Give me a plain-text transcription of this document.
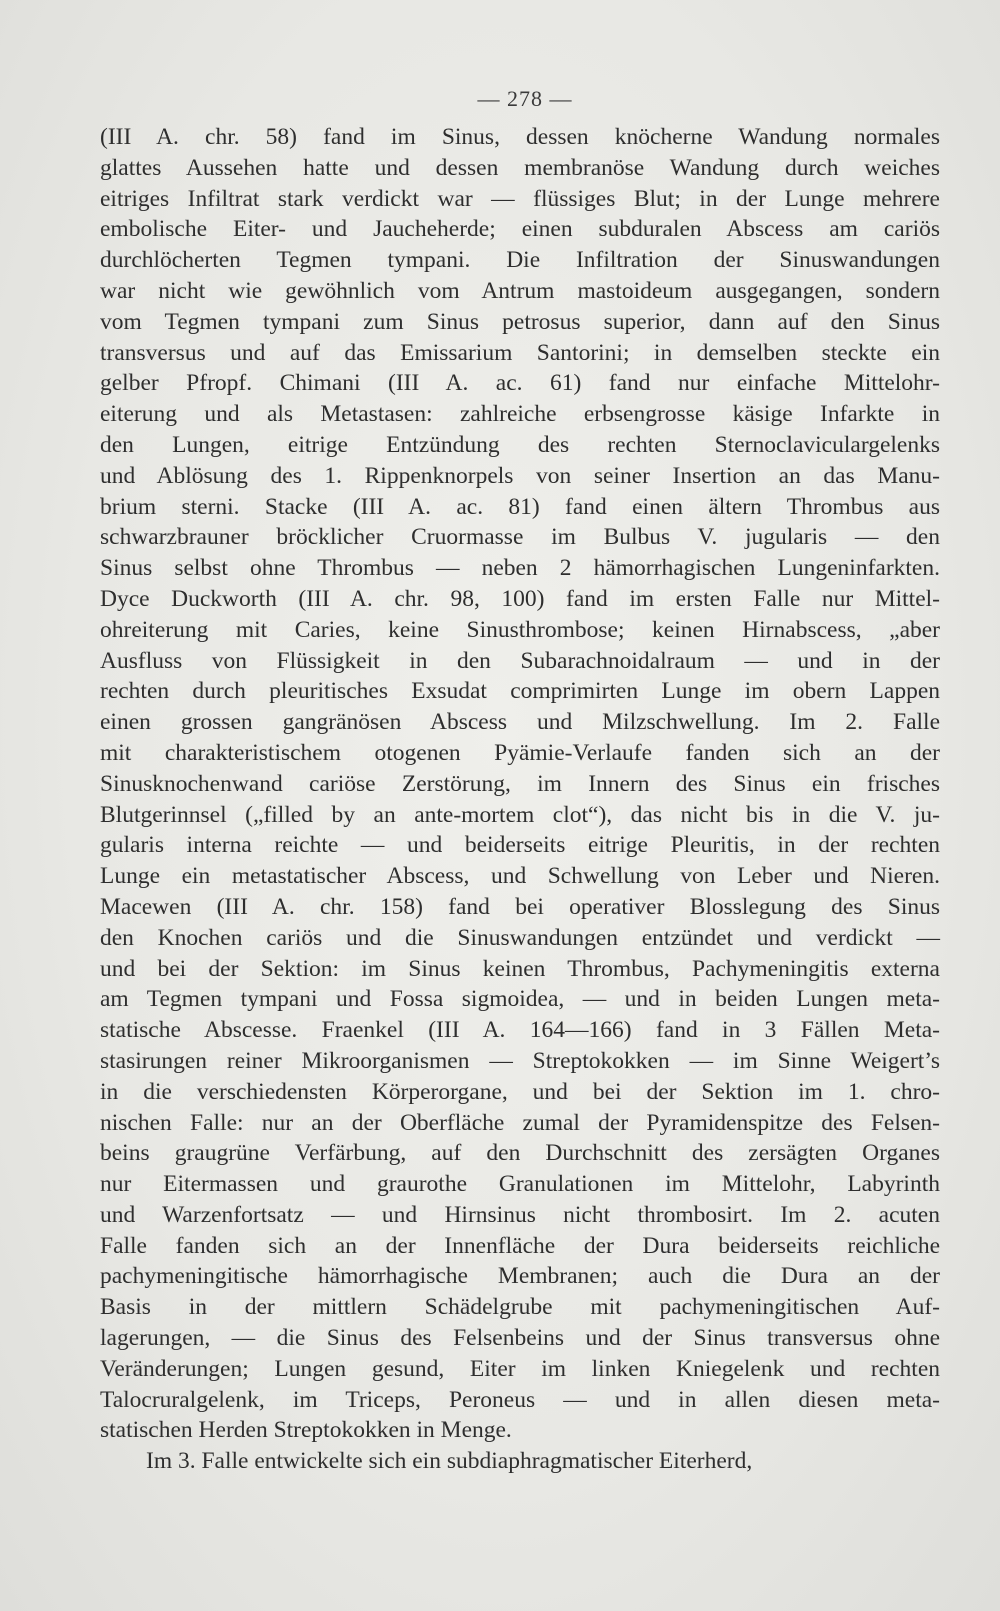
— 278 —
(III A. chr. 58) fand im Sinus, dessen knöcherne Wandung normales
glattes Aussehen hatte und dessen membranöse Wandung durch weiches
eitriges Infiltrat stark verdickt war — flüssiges Blut; in der Lunge mehrere
embolische Eiter- und Jaucheherde; einen subduralen Abscess am cariös
durchlöcherten Tegmen tympani. Die Infiltration der Sinuswandungen
war nicht wie gewöhnlich vom Antrum mastoideum ausgegangen, sondern
vom Tegmen tympani zum Sinus petrosus superior, dann auf den Sinus
transversus und auf das Emissarium Santorini; in demselben steckte ein
gelber Pfropf. Chimani (III A. ac. 61) fand nur einfache Mittelohr-
eiterung und als Metastasen: zahlreiche erbsengrosse käsige Infarkte in
den Lungen, eitrige Entzündung des rechten Sternoclaviculargelenks
und Ablösung des 1. Rippenknorpels von seiner Insertion an das Manu-
brium sterni. Stacke (III A. ac. 81) fand einen ältern Thrombus aus
schwarzbrauner bröcklicher Cruormasse im Bulbus V. jugularis — den
Sinus selbst ohne Thrombus — neben 2 hämorrhagischen Lungeninfarkten.
Dyce Duckworth (III A. chr. 98, 100) fand im ersten Falle nur Mittel-
ohreiterung mit Caries, keine Sinusthrombose; keinen Hirnabscess, „aber
Ausfluss von Flüssigkeit in den Subarachnoidalraum — und in der
rechten durch pleuritisches Exsudat comprimirten Lunge im obern Lappen
einen grossen gangränösen Abscess und Milzschwellung. Im 2. Falle
mit charakteristischem otogenen Pyämie-Verlaufe fanden sich an der
Sinusknochenwand cariöse Zerstörung, im Innern des Sinus ein frisches
Blutgerinnsel („filled by an ante-mortem clot“), das nicht bis in die V. ju-
gularis interna reichte — und beiderseits eitrige Pleuritis, in der rechten
Lunge ein metastatischer Abscess, und Schwellung von Leber und Nieren.
Macewen (III A. chr. 158) fand bei operativer Blosslegung des Sinus
den Knochen cariös und die Sinuswandungen entzündet und verdickt —
und bei der Sektion: im Sinus keinen Thrombus, Pachymeningitis externa
am Tegmen tympani und Fossa sigmoidea, — und in beiden Lungen meta-
statische Abscesse. Fraenkel (III A. 164—166) fand in 3 Fällen Meta-
stasirungen reiner Mikroorganismen — Streptokokken — im Sinne Weigert’s
in die verschiedensten Körperorgane, und bei der Sektion im 1. chro-
nischen Falle: nur an der Oberfläche zumal der Pyramidenspitze des Felsen-
beins graugrüne Verfärbung, auf den Durchschnitt des zersägten Organes
nur Eitermassen und graurothe Granulationen im Mittelohr, Labyrinth
und Warzenfortsatz — und Hirnsinus nicht thrombosirt. Im 2. acuten
Falle fanden sich an der Innenfläche der Dura beiderseits reichliche
pachymeningitische hämorrhagische Membranen; auch die Dura an der
Basis in der mittlern Schädelgrube mit pachymeningitischen Auf-
lagerungen, — die Sinus des Felsenbeins und der Sinus transversus ohne
Veränderungen; Lungen gesund, Eiter im linken Kniegelenk und rechten
Talocruralgelenk, im Triceps, Peroneus — und in allen diesen meta-
statischen Herden Streptokokken in Menge.
Im 3. Falle entwickelte sich ein subdiaphragmatischer Eiterherd,
